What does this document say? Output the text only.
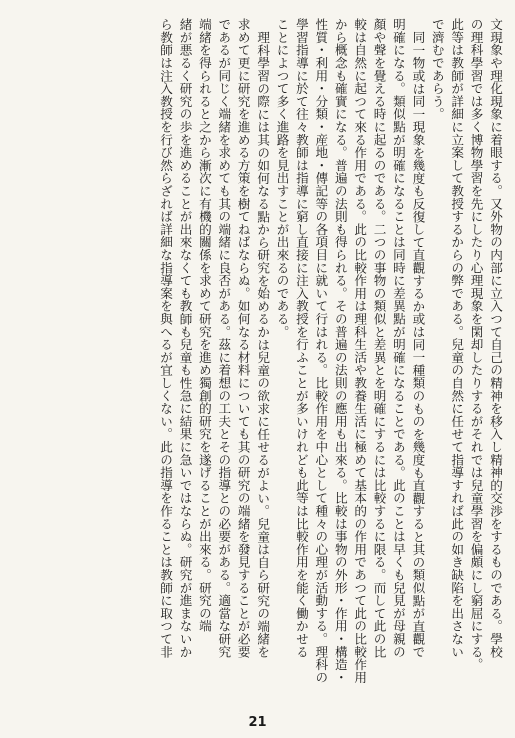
文現象や理化現象に着眼する。又外物の内部に立入つて自己の精神を移入し精神的交渉をするものである。學校
の理科學習では多く博物學習を先にしたり心理現象を閑却したりするがそれでは兒童學習を偏頗にし窮屈にする。
此等は教師が詳細に立案して教授するからの弊である。兒童の自然に任せて指導すれば此の如き缺陷を出さない
で濟むであらう。
同一物或は同一現象を幾度も反復して直觀するか或は同一種類のものを幾度も直觀すると其の類似點が直觀で
明確になる。類似點が明確になることは同時に差異點が明確になることである。此のことは早くも兒見が母親の
顏や聲を覺える時に起るのである。二つの事物の類似と差異とを明確にするには比較するに限る。而して此の比
較は自然に起つて來る作用である。此の比較作用は理科生活や教養生活に極めて基本的の作用であつて此の比較作用
から概念も確實になる。普遍の法則も得られる。その普遍の法則の應用も出來る。比較は事物の外形・作用・構造・
性質・利用・分類・産地・傳記等の各項目に就いて行はれる。比較作用を中心として種々の心理が活動する。理科の
學習指導に於て往々教師は指導に窮し直接に注入教授を行ふことが多いけれども此等は比較作用を能く働かせる
ことによつて多く進路を見出すことが出來るのである。
理科學習の際には其の如何なる點から研究を始めるかは兒童の欲求に任せるがよい。兒童は自ら研究の端緒を
求めて更に研究を進める方策を樹てねばならぬ。如何なる材料についても其の研究の端緒を發見することが必要
であるが同じく端緒を求めても其の端緒に良否がある。茲に着想の工夫とその指導との必要がある。適當な研究
端緒を得られると之から漸次に有機的關係を求めて研究を進め獨創的研究を遂げることが出來る。研究の端
緒が悪るく研究の歩を進めることが出來なくても教師も兒童も性急に結果に急いではならぬ。研究が進まないか
ら教師は注入教授を行び然らざれば詳細な指導案を與へるが宜しくない。此の指導を作ることは教師に取つて非
21
